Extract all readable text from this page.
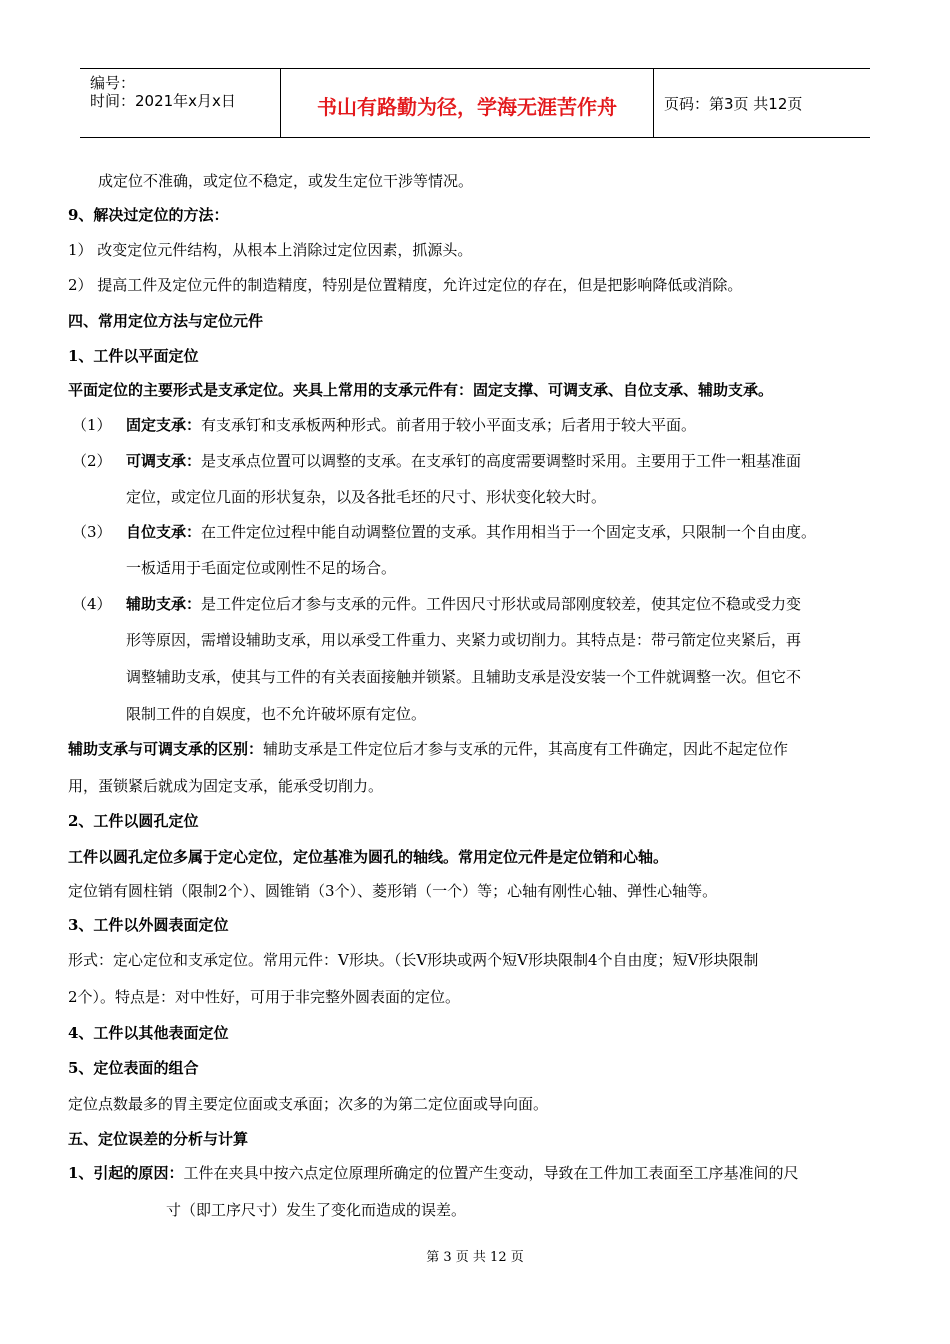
编号：
时间：2021年x月x日	书山有路勤为径，学海无涯苦作舟	页码：第3页 共12页
成定位不准确，或定位不稳定，或发生定位干涉等情况。
9、解决过定位的方法：
1） 改变定位元件结构，从根本上消除过定位因素，抓源头。
2） 提高工件及定位元件的制造精度，特别是位置精度，允许过定位的存在，但是把影响降低或消除。
四、常用定位方法与定位元件
1、工件以平面定位
平面定位的主要形式是支承定位。夹具上常用的支承元件有：固定支撑、可调支承、自位支承、辅助支承。
（1） 固定支承：有支承钉和支承板两种形式。前者用于较小平面支承；后者用于较大平面。
（2） 可调支承：是支承点位置可以调整的支承。在支承钉的高度需要调整时采用。主要用于工件一粗基准面
定位，或定位几面的形状复杂，以及各批毛坯的尺寸、形状变化较大时。
（3） 自位支承：在工件定位过程中能自动调整位置的支承。其作用相当于一个固定支承，只限制一个自由度。
一板适用于毛面定位或刚性不足的场合。
（4） 辅助支承：是工件定位后才参与支承的元件。工件因尺寸形状或局部刚度较差，使其定位不稳或受力变
形等原因，需增设辅助支承，用以承受工件重力、夹紧力或切削力。其特点是：带弓箭定位夹紧后，再
调整辅助支承，使其与工件的有关表面接触并锁紧。且辅助支承是没安装一个工件就调整一次。但它不
限制工件的自娱度，也不允许破坏原有定位。
辅助支承与可调支承的区别：辅助支承是工件定位后才参与支承的元件，其高度有工件确定，因此不起定位作
用，蛋锁紧后就成为固定支承，能承受切削力。
2、工件以圆孔定位
工件以圆孔定位多属于定心定位，定位基准为圆孔的轴线。常用定位元件是定位销和心轴。
定位销有圆柱销（限制2个）、圆锥销（3个）、菱形销（一个）等；心轴有刚性心轴、弹性心轴等。
3、工件以外圆表面定位
形式：定心定位和支承定位。常用元件：V形块。（长V形块或两个短V形块限制4个自由度；短V形块限制
2个）。特点是：对中性好，可用于非完整外圆表面的定位。
4、工件以其他表面定位
5、定位表面的组合
定位点数最多的胃主要定位面或支承面；次多的为第二定位面或导向面。
五、定位误差的分析与计算
1、引起的原因：工件在夹具中按六点定位原理所确定的位置产生变动，导致在工件加工表面至工序基准间的尺
寸（即工序尺寸）发生了变化而造成的误差。
第 3 页 共 12 页
